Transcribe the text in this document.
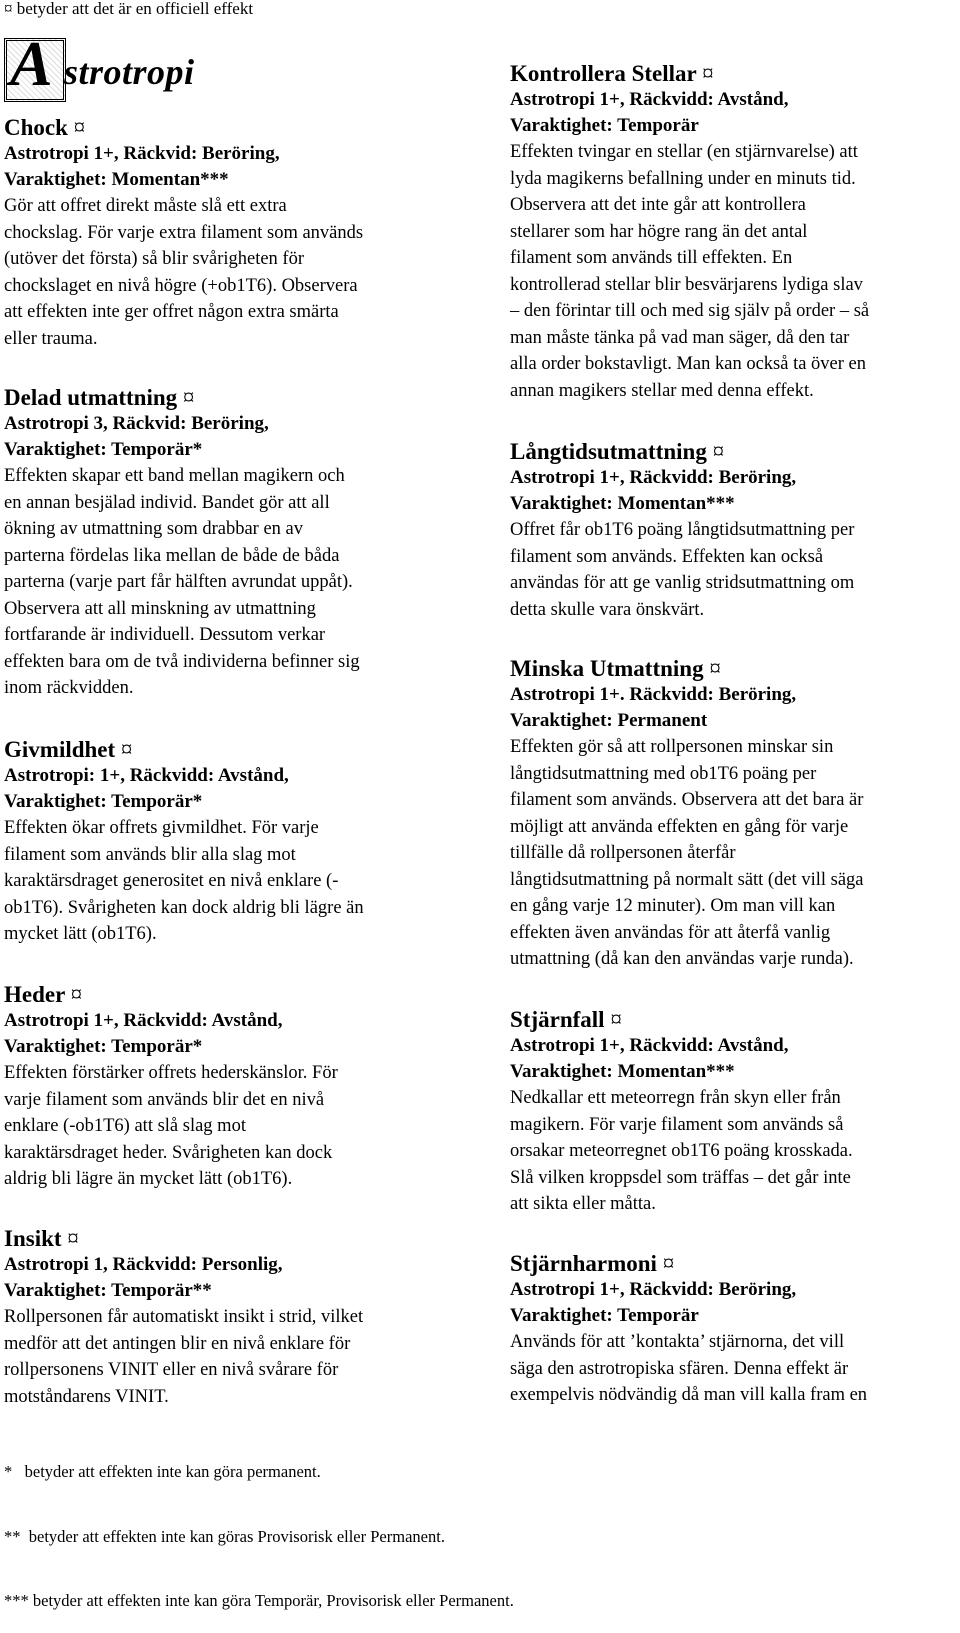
¤ betyder att det är en officiell effekt
A strotropi
Chock ¤
Astrotropi 1+, Räckvid: Beröring,
Varaktighet: Momentan***
Gör att offret direkt måste slå ett extra
chockslag. För varje extra filament som används
(utöver det första) så blir svårigheten för
chockslaget en nivå högre (+ob1T6). Observera
att effekten inte ger offret någon extra smärta
eller trauma.
Delad utmattning ¤
Astrotropi 3, Räckvid: Beröring,
Varaktighet: Temporär*
Effekten skapar ett band mellan magikern och
en annan besjälad individ. Bandet gör att all
ökning av utmattning som drabbar en av
parterna fördelas lika mellan de både de båda
parterna (varje part får hälften avrundat uppåt).
Observera att all minskning av utmattning
fortfarande är individuell. Dessutom verkar
effekten bara om de två individerna befinner sig
inom räckvidden.
Givmildhet ¤
Astrotropi: 1+, Räckvidd: Avstånd,
Varaktighet: Temporär*
Effekten ökar offrets givmildhet. För varje
filament som används blir alla slag mot
karaktärsdraget generositet en nivå enklare (-
ob1T6). Svårigheten kan dock aldrig bli lägre än
mycket lätt (ob1T6).
Heder ¤
Astrotropi 1+, Räckvidd: Avstånd,
Varaktighet: Temporär*
Effekten förstärker offrets hederskänslor. För
varje filament som används blir det en nivå
enklare (-ob1T6) att slå slag mot
karaktärsdraget heder. Svårigheten kan dock
aldrig bli lägre än mycket lätt (ob1T6).
Insikt ¤
Astrotropi 1, Räckvidd: Personlig,
Varaktighet: Temporär**
Rollpersonen får automatiskt insikt i strid, vilket
medför att det antingen blir en nivå enklare för
rollpersonens VINIT eller en nivå svårare för
motståndarens VINIT.
Kontrollera Stellar ¤
Astrotropi 1+, Räckvidd: Avstånd,
Varaktighet: Temporär
Effekten tvingar en stellar (en stjärnvarelse) att
lyda magikerns befallning under en minuts tid.
Observera att det inte går att kontrollera
stellarer som har högre rang än det antal
filament som används till effekten. En
kontrollerad stellar blir besvärjarens lydiga slav
– den förintar till och med sig själv på order – så
man måste tänka på vad man säger, då den tar
alla order bokstavligt. Man kan också ta över en
annan magikers stellar med denna effekt.
Långtidsutmattning ¤
Astrotropi 1+, Räckvidd: Beröring,
Varaktighet: Momentan***
Offret får ob1T6 poäng långtidsutmattning per
filament som används. Effekten kan också
användas för att ge vanlig stridsutmattning om
detta skulle vara önskvärt.
Minska Utmattning ¤
Astrotropi 1+. Räckvidd: Beröring,
Varaktighet: Permanent
Effekten gör så att rollpersonen minskar sin
långtidsutmattning med ob1T6 poäng per
filament som används. Observera att det bara är
möjligt att använda effekten en gång för varje
tillfälle då rollpersonen återfår
långtidsutmattning på normalt sätt (det vill säga
en gång varje 12 minuter). Om man vill kan
effekten även användas för att återfå vanlig
utmattning (då kan den användas varje runda).
Stjärnfall ¤
Astrotropi 1+, Räckvidd: Avstånd,
Varaktighet: Momentan***
Nedkallar ett meteorregn från skyn eller från
magikern. För varje filament som används så
orsakar meteorregnet ob1T6 poäng krosskada.
Slå vilken kroppsdel som träffas – det går inte
att sikta eller måtta.
Stjärnharmoni ¤
Astrotropi 1+, Räckvidd: Beröring,
Varaktighet: Temporär
Används för att ’kontakta’ stjärnorna, det vill
säga den astrotropiska sfären. Denna effekt är
exempelvis nödvändig då man vill kalla fram en

*   betyder att effekten inte kan göra permanent.

**  betyder att effekten inte kan göras Provisorisk eller Permanent.

*** betyder att effekten inte kan göra Temporär, Provisorisk eller Permanent.
